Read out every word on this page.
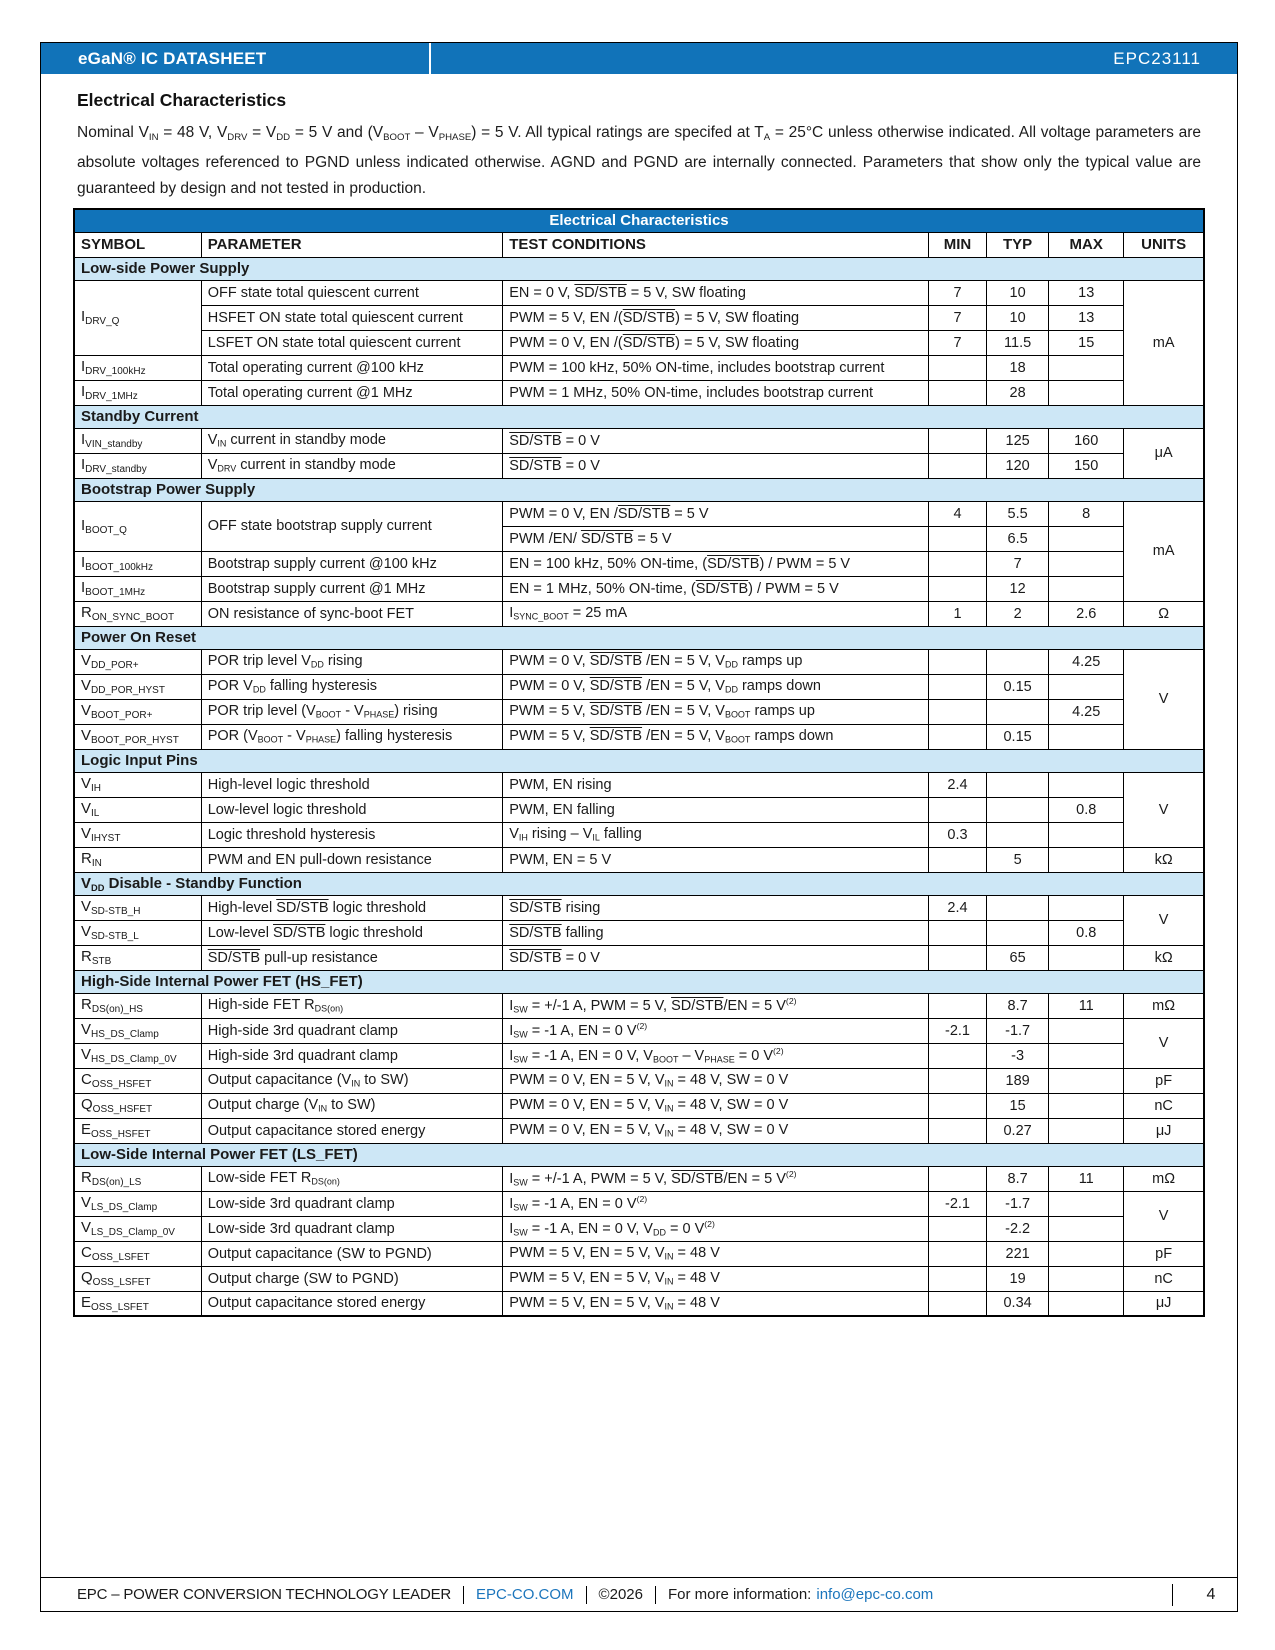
eGaN® IC DATASHEET	EPC23111
EPC – POWER CONVERSION TECHNOLOGY LEADER EPC-CO.COM ©2026 For more information: info@epc-co.com	4
Electrical Characteristics
Nominal $V_{IN} = 48$ V, $V_{DRV} = V_{DD} = 5$ V and $(V_{BOOT} - V_{PHASE}) = 5$ V. All typical ratings are specifed at $T_A = 25^\circ C$ unless otherwise indicated. All voltage parameters are absolute voltages referenced to PGND unless indicated otherwise. AGND and PGND are internally connected. Parameters that show only the typical value are guaranteed by design and not tested in production.
Electrical Characteristics						
SYMBOL	PARAMETER	TEST CONDITIONS	MIN	TYP	MAX	UNITS
Low-side Power Supply						
$I_{DRV\_Q}$	OFF state total quiescent current	EN = 0 V, SD/STB = 5 V, SW floating	7	10	13	mA
	HSFET ON state total quiescent current	PWM = 5 V, EN /(SD/STB) = 5 V, SW floating	7	10	13	
	LSFET ON state total quiescent current	PWM = 0 V, EN /(SD/STB) = 5 V, SW floating	7	11.5	15	
$I_{DRV\_100kHz}$	Total operating current @100 kHz	PWM = 100 kHz, 50% ON-time, includes bootstrap current		18		
$I_{DRV\_1MHz}$	Total operating current @1 MHz	PWM = 1 MHz, 50% ON-time, includes bootstrap current		28		
Standby Current						
$I_{VIN\_standby}$	$V_{IN}$ current in standby mode	SD/STB = 0 V		125	160	μA
$I_{DRV\_standby}$	$V_{DRV}$ current in standby mode	SD/STB = 0 V		120	150	
Bootstrap Power Supply						
$I_{BOOT\_Q}$	OFF state bootstrap supply current	PWM = 0 V, EN /SD/STB = 5 V	4	5.5	8	mA
		PWM /EN/ SD/STB = 5 V		6.5		
$I_{BOOT\_100kHz}$	Bootstrap supply current @100 kHz	EN = 100 kHz, 50% ON-time, (SD/STB) / PWM = 5 V		7		
$I_{BOOT\_1MHz}$	Bootstrap supply current @1 MHz	EN = 1 MHz, 50% ON-time, (SD/STB) / PWM = 5 V		12		
$R_{ON\_SYNC\_BOOT}$	ON resistance of sync-boot FET	$I_{SYNC\_BOOT} = 25$ mA	1	2	2.6	Ω
Power On Reset						
$V_{DD\_POR+}$	POR trip level $V_{DD}$ rising	PWM = 0 V, SD/STB /EN = 5 V, $V_{DD}$ ramps up			4.25	V
$V_{DD\_POR\_HYST}$	POR $V_{DD}$ falling hysteresis	PWM = 0 V, SD/STB /EN = 5 V, $V_{DD}$ ramps down		0.15		
$V_{BOOT\_POR+}$	POR trip level $(V_{BOOT} - V_{PHASE})$ rising	PWM = 5 V, SD/STB /EN = 5 V, $V_{BOOT}$ ramps up			4.25	
$V_{BOOT\_POR\_HYST}$	POR $(V_{BOOT} - V_{PHASE})$ falling hysteresis	PWM = 5 V, SD/STB /EN = 5 V, $V_{BOOT}$ ramps down		0.15		
Logic Input Pins						
$V_{IH}$	High-level logic threshold	PWM, EN rising	2.4			V
$V_{IL}$	Low-level logic threshold	PWM, EN falling			0.8	
$V_{IHYST}$	Logic threshold hysteresis	$V_{IH}$ rising – $V_{IL}$ falling	0.3			
$R_{IN}$	PWM and EN pull-down resistance	PWM, EN = 5 V		5		kΩ
$V_{DD}$ Disable - Standby Function						
$V_{SD-STB\_H}$	High-level SD/STB logic threshold	SD/STB rising	2.4			V
$V_{SD-STB\_L}$	Low-level SD/STB logic threshold	SD/STB falling			0.8	
$R_{STB}$	SD/STB pull-up resistance	SD/STB = 0 V		65		kΩ
High-Side Internal Power FET (HS_FET)						
$R_{DS(on)\_HS}$	High-side FET $R_{DS(on)}$	$I_{SW} = +/-1$ A, PWM = 5 V, SD/STB/EN = 5 $V^{(2)}$		8.7	11	mΩ
$V_{HS\_DS\_Clamp}$	High-side 3rd quadrant clamp	$I_{SW} = -1$ A, EN = 0 $V^{(2)}$	-2.1	-1.7		V
$V_{HS\_DS\_Clamp\_0V}$	High-side 3rd quadrant clamp	$I_{SW} = -1$ A, EN = 0 V, $V_{BOOT} - V_{PHASE} = 0$ $V^{(2)}$		-3		
$C_{OSS\_HSFET}$	Output capacitance ($V_{IN}$ to SW)	PWM = 0 V, EN = 5 V, $V_{IN} = 48$ V, SW = 0 V		189		pF
$Q_{OSS\_HSFET}$	Output charge ($V_{IN}$ to SW)	PWM = 0 V, EN = 5 V, $V_{IN} = 48$ V, SW = 0 V		15		nC
$E_{OSS\_HSFET}$	Output capacitance stored energy	PWM = 0 V, EN = 5 V, $V_{IN} = 48$ V, SW = 0 V		0.27		μJ
Low-Side Internal Power FET (LS_FET)						
$R_{DS(on)\_LS}$	Low-side FET $R_{DS(on)}$	$I_{SW} = +/-1$ A, PWM = 5 V, SD/STB/EN = 5 $V^{(2)}$		8.7	11	mΩ
$V_{LS\_DS\_Clamp}$	Low-side 3rd quadrant clamp	$I_{SW} = -1$ A, EN = 0 $V^{(2)}$	-2.1	-1.7		V
$V_{LS\_DS\_Clamp\_0V}$	Low-side 3rd quadrant clamp	$I_{SW} = -1$ A, EN = 0 V, $V_{DD} = 0$ $V^{(2)}$		-2.2		
$C_{OSS\_LSFET}$	Output capacitance (SW to PGND)	PWM = 5 V, EN = 5 V, $V_{IN} = 48$ V		221		pF
$Q_{OSS\_LSFET}$	Output charge (SW to PGND)	PWM = 5 V, EN = 5 V, $V_{IN} = 48$ V		19		nC
$E_{OSS\_LSFET}$	Output capacitance stored energy	PWM = 5 V, EN = 5 V, $V_{IN} = 48$ V		0.34		μJ
